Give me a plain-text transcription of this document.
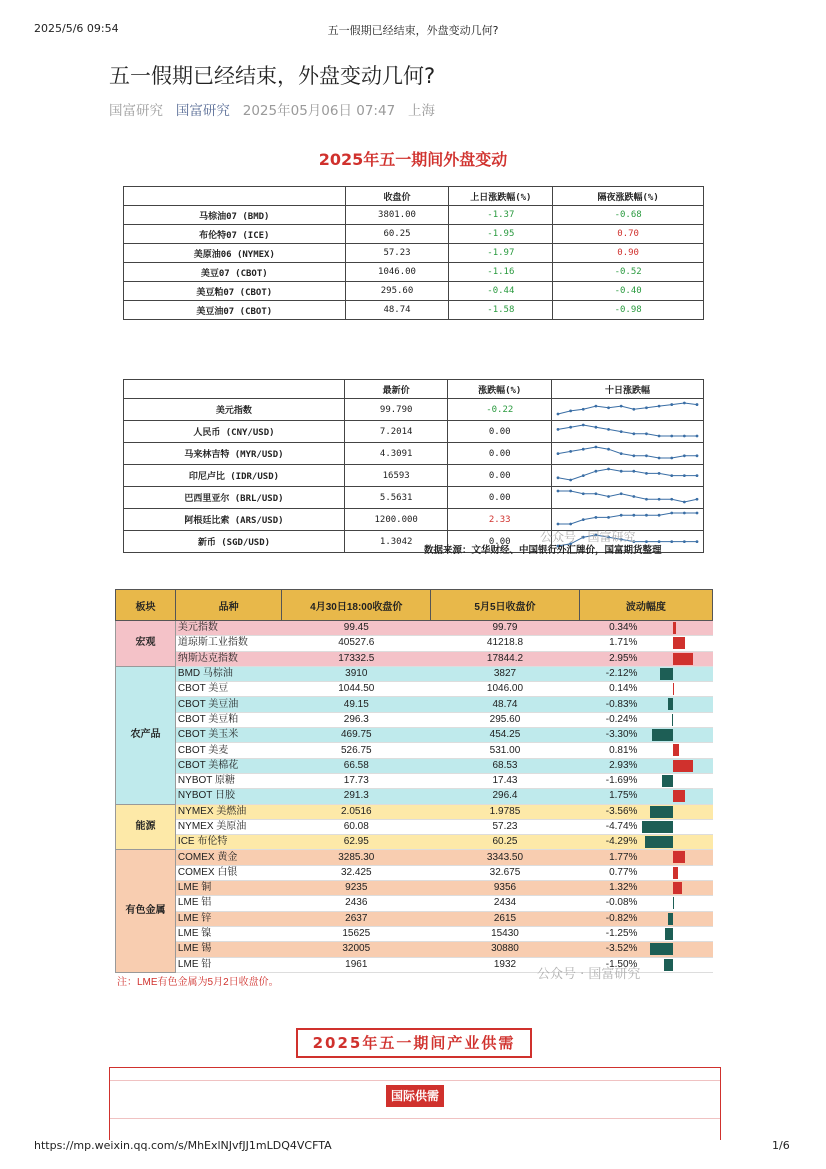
2025/5/6 09:54	五一假期已经结束，外盘变动几何?
五一假期已经结束，外盘变动几何?
国富研究 国富研究 2025年05月06日 07:47 上海
2025年五一期间外盘变动
	收盘价	上日涨跌幅(%)	隔夜涨跌幅(%)
马棕油07 (BMD)	3801.00	-1.37	-0.68
布伦特07 (ICE)	60.25	-1.95	0.70
美原油06 (NYMEX)	57.23	-1.97	0.90
美豆07 (CBOT)	1046.00	-1.16	-0.52
美豆粕07 (CBOT)	295.60	-0.44	-0.40
美豆油07 (CBOT)	48.74	-1.58	-0.98
	最新价	涨跌幅(%)	十日涨跌幅
美元指数	99.790	-0.22	
人民币 (CNY/USD)	7.2014	0.00	
马来林吉特 (MYR/USD)	4.3091	0.00	
印尼卢比 (IDR/USD)	16593	0.00	
巴西里亚尔 (BRL/USD)	5.5631	0.00	
阿根廷比索 (ARS/USD)	1200.000	2.33	
新币 (SGD/USD)	1.3042	0.00	公众号 · 国富研究
数据来源：文华财经、中国银行外汇牌价，国富期货整理
板块	品种	4月30日18:00收盘价	5月5日收盘价	波动幅度	
宏观	美元指数	99.45	99.79	0.34%	

	道琼斯工业指数	40527.6	41218.8	1.71%	

	纳斯达克指数	17332.5	17844.2	2.95%	

农产品	BMD 马棕油	3910	3827	-2.12%	

	CBOT 美豆	1044.50	1046.00	0.14%	

	CBOT 美豆油	49.15	48.74	-0.83%	

	CBOT 美豆粕	296.3	295.60	-0.24%	

	CBOT 美玉米	469.75	454.25	-3.30%	

	CBOT 美麦	526.75	531.00	0.81%	

	CBOT 美棉花	66.58	68.53	2.93%	

	NYBOT 原糖	17.73	17.43	-1.69%	

	NYBOT 日胶	291.3	296.4	1.75%	

能源	NYMEX 美燃油	2.0516	1.9785	-3.56%	

	NYMEX 美原油	60.08	57.23	-4.74%	

	ICE 布伦特	62.95	60.25	-4.29%	

有色金属	COMEX 黄金	3285.30	3343.50	1.77%	

	COMEX 白银	32.425	32.675	0.77%	

	LME 铜	9235	9356	1.32%	

	LME 铝	2436	2434	-0.08%	

	LME 锌	2637	2615	-0.82%	

	LME 镍	15625	15430	-1.25%	

	LME 锡	32005	30880	-3.52%	

	LME 铅	1961	1932	-1.50%	
注：LME有色金属为5月2日收盘价。
公众号 · 国富研究
2025年五一期间产业供需
国际供需
https://mp.weixin.qq.com/s/MhExlNJvfJJ1mLDQ4VCFTA	1/6
